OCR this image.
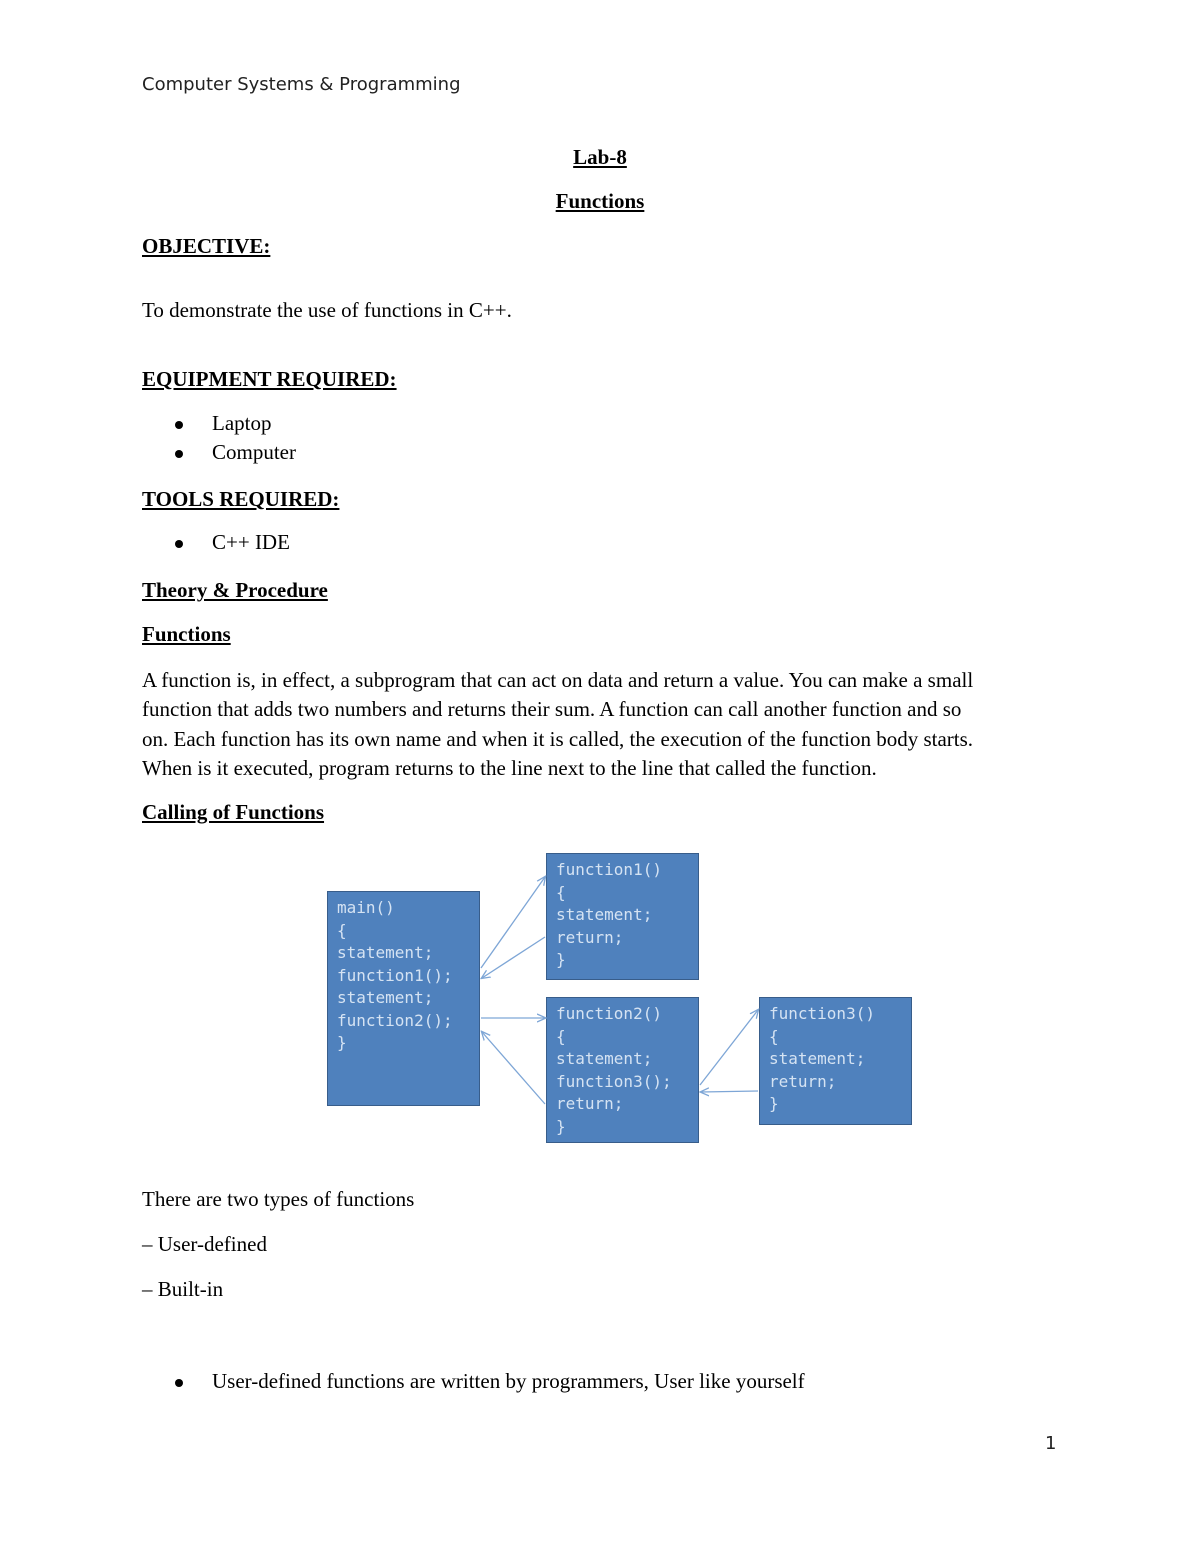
Computer Systems & Programming
Lab-8
Functions
OBJECTIVE:
To demonstrate the use of functions in C++.
EQUIPMENT REQUIRED:
Laptop
Computer
TOOLS REQUIRED:
C++ IDE
Theory & Procedure
Functions
A function is, in effect, a subprogram that can act on data and return a value. You can make a small
function that adds two numbers and returns their sum. A function can call another function and so
on. Each function has its own name and when it is called, the execution of the function body starts.
When is it executed, program returns to the line next to the line that called the function.
Calling of Functions
main()
{
statement;
function1();
statement;
function2();
}
function1()
{
statement;
return;
}
function2()
{
statement;
function3();
return;
}
function3()
{
statement;
return;
}
There are two types of functions
– User-defined
– Built-in
User-defined functions are written by programmers, User like yourself
1
